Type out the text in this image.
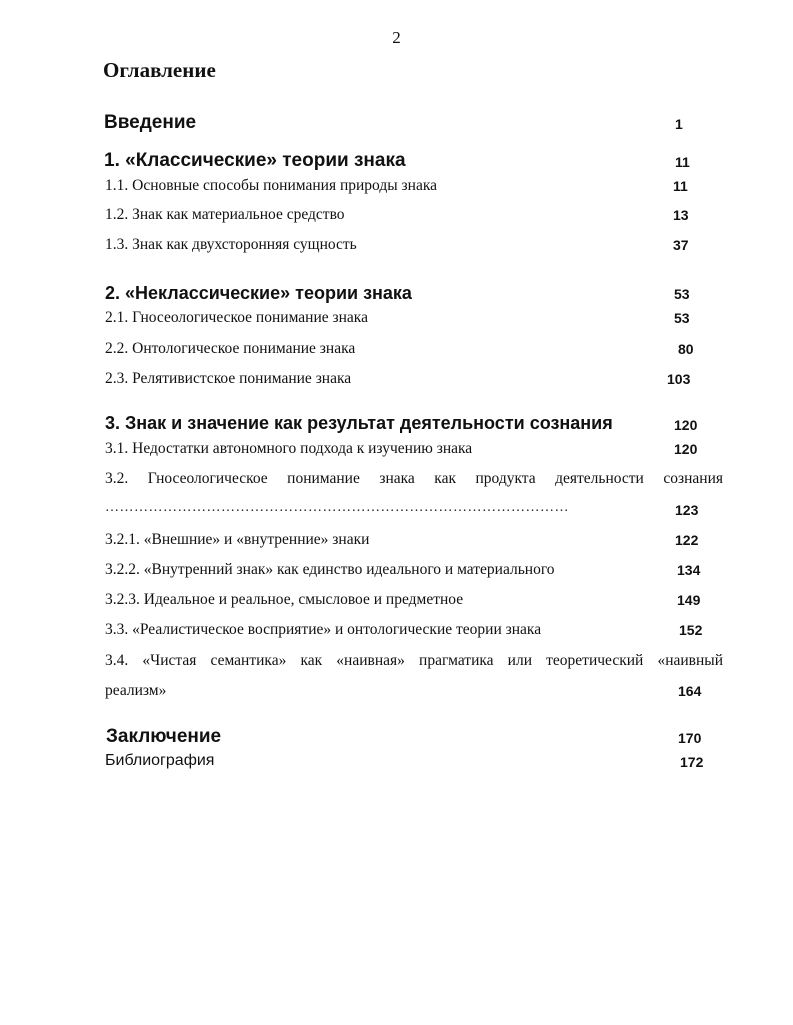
2
Оглавление
Введение	1
1. «Классические» теории знака	11
1.1. Основные способы понимания природы знака	11
1.2. Знак как материальное средство	13
1.3. Знак как двухсторонняя сущность	37
2. «Неклассические» теории знака	53
2.1. Гносеологическое понимание знака	53
2.2. Онтологическое понимание знака	80
2.3. Релятивистское понимание знака	103
3. Знак и значение как результат деятельности сознания	120
3.1. Недостатки автономного подхода к изучению знака	120
3.2. Гносеологическое понимание знака как продукта деятельности сознания
……………………………………………………………………………………	123
3.2.1. «Внешние» и «внутренние» знаки	122
3.2.2. «Внутренний знак» как единство идеального и материального	134
3.2.3. Идеальное и реальное, смысловое и предметное	149
3.3. «Реалистическое восприятие» и онтологические теории знака	152
3.4. «Чистая семантика» как «наивная» прагматика или теоретический «наивный
реализм»	164
Заключение	170
Библиография	172
